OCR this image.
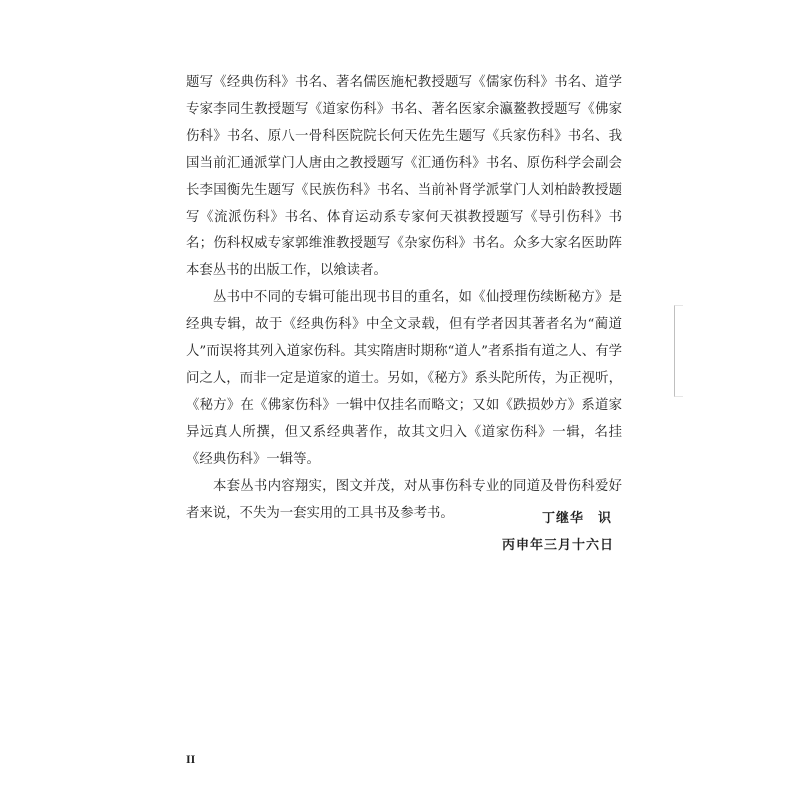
题写《经典伤科》书名、著名儒医施杞教授题写《儒家伤科》书名、道学专家李同生教授题写《道家伤科》书名、著名医家余瀛鳌教授题写《佛家伤科》书名、原八一骨科医院院长何天佐先生题写《兵家伤科》书名、我国当前汇通派掌门人唐由之教授题写《汇通伤科》书名、原伤科学会副会长李国衡先生题写《民族伤科》书名、当前补肾学派掌门人刘柏龄教授题写《流派伤科》书名、体育运动系专家何天祺教授题写《导引伤科》书名；伤科权威专家郭维淮教授题写《杂家伤科》书名。众多大家名医助阵本套丛书的出版工作，以飨读者。

丛书中不同的专辑可能出现书目的重名，如《仙授理伤续断秘方》是经典专辑，故于《经典伤科》中全文录载，但有学者因其著者名为“蔺道人”而误将其列入道家伤科。其实隋唐时期称“道人”者系指有道之人、有学问之人，而非一定是道家的道士。另如，《秘方》系头陀所传，为正视听，《秘方》在《佛家伤科》一辑中仅挂名而略文；又如《跌损妙方》系道家异远真人所撰，但又系经典著作，故其文归入《道家伤科》一辑，名挂《经典伤科》一辑等。

本套丛书内容翔实，图文并茂，对从事伤科专业的同道及骨伤科爱好者来说，不失为一套实用的工具书及参考书。	丁继华　识
丙申年三月十六日
II
